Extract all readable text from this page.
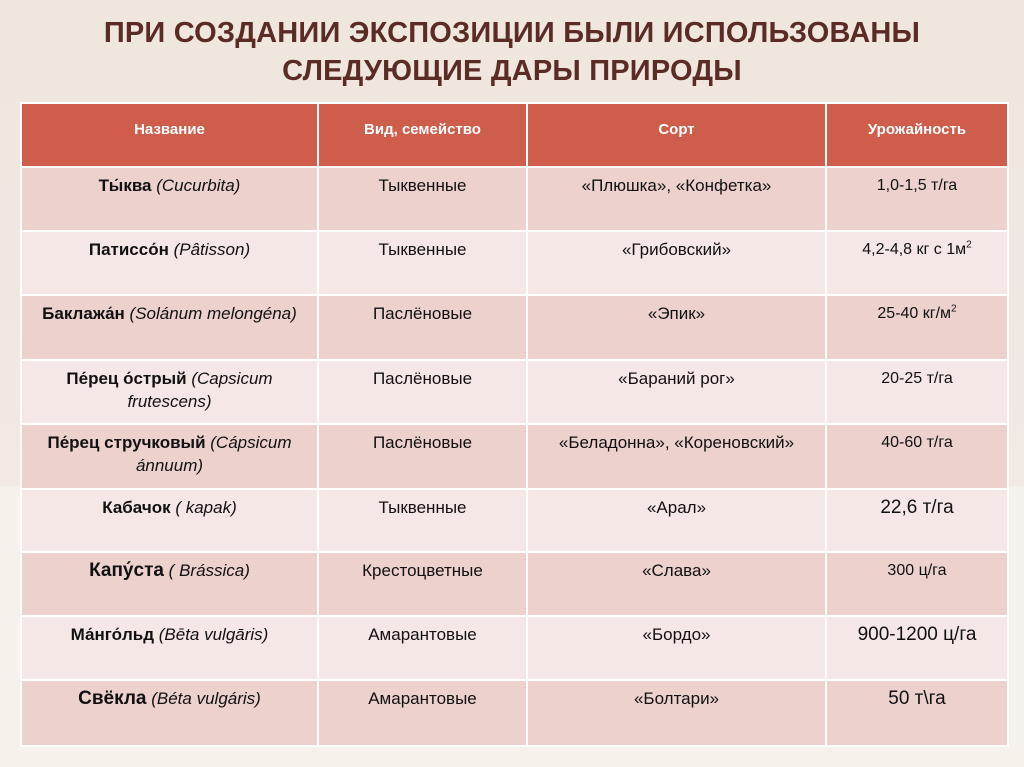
ПРИ СОЗДАНИИ ЭКСПОЗИЦИИ БЫЛИ ИСПОЛЬЗОВАНЫ
СЛЕДУЮЩИЕ ДАРЫ ПРИРОДЫ
Название	Вид, семейство	Сорт	Урожайность
Ты́ква (Cucurbita)	Тыквенные	«Плюшка», «Конфетка»	1,0-1,5 т/га
Патиссо́н (Pâtisson)	Тыквенные	«Грибовский»	4,2-4,8 кг с $1м^2$
Баклажа́н (Solánum melongéna)	Паслёновые	«Эпик»	25-40 $кг/м^2$
Пе́рец о́стрый (Capsicum frutescens)	Паслёновые	«Бараний рог»	20-25 т/га
Пе́рец стручковый (Cápsicum ánnuum)	Паслёновые	«Беладонна», «Кореновский»	40-60 т/га
Кабачок ( kapak)	Тыквенные	«Арал»	22,6 т/га
Капу́ста ( Brássica)	Крестоцветные	«Слава»	300 ц/га
Ма́нго́льд (Bēta vulgāris)	Амарантовые	«Бордо»	900-1200 ц/га
Свёкла (Béta vulgáris)	Амарантовые	«Болтари»	50 т\га
